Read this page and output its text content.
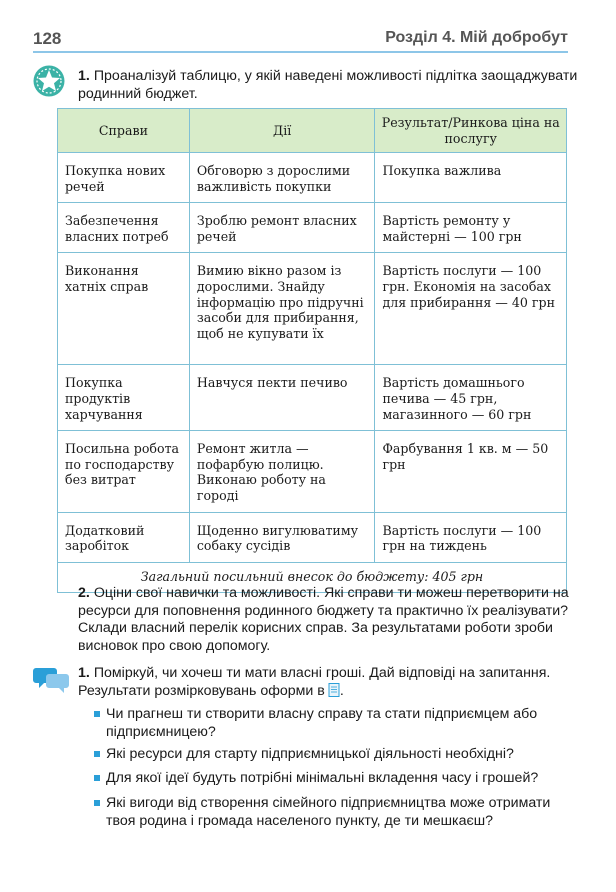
128	Розділ 4. Мій добробут
1. Проаналізуй таблицю, у якій наведені можливості підлітка заощаджувати родинний бюджет.
Справи	Дії	Результат/Ринкова ціна на послугу
Покупка нових речей	Обговорю з дорослими важливість покупки	Покупка важлива
Забезпечення власних потреб	Зроблю ремонт власних речей	Вартість ремонту у майстерні — 100 грн
Виконання хатніх справ	Вимию вікно разом із дорослими. Знайду інформацію про підручні засоби для прибирання, щоб не купувати їх	Вартість послуги — 100 грн. Економія на засобах для прибирання — 40 грн
Покупка продуктів харчування	Навчуся пекти печиво	Вартість домашнього печива — 45 грн, магазинного — 60 грн
Посильна робота по господарству без витрат	Ремонт житла — пофарбую полицю. Виконаю роботу на городі	Фарбування 1 кв. м — 50 грн
Додатковий заробіток	Щоденно вигулюватиму собаку сусідів	Вартість послуги — 100 грн на тиждень
Загальний посильний внесок до бюджету: 405 грн		
2. Оціни свої навички та можливості. Які справи ти можеш перетворити на ресурси для поповнення родинного бюджету та практично їх реалізувати? Склади власний перелік корисних справ. За результатами роботи зроби висновок про свою допомогу.
1. Поміркуй, чи хочеш ти мати власні гроші. Дай відповіді на запитання. Результати розмірковувань оформи в .
Чи прагнеш ти створити власну справу та стати підприємцем або підприємницею?
Які ресурси для старту підприємницької діяльності необхідні?
Для якої ідеї будуть потрібні мінімальні вкладення часу і грошей?
Які вигоди від створення сімейного підприємництва може отримати твоя родина і громада населеного пункту, де ти мешкаєш?
